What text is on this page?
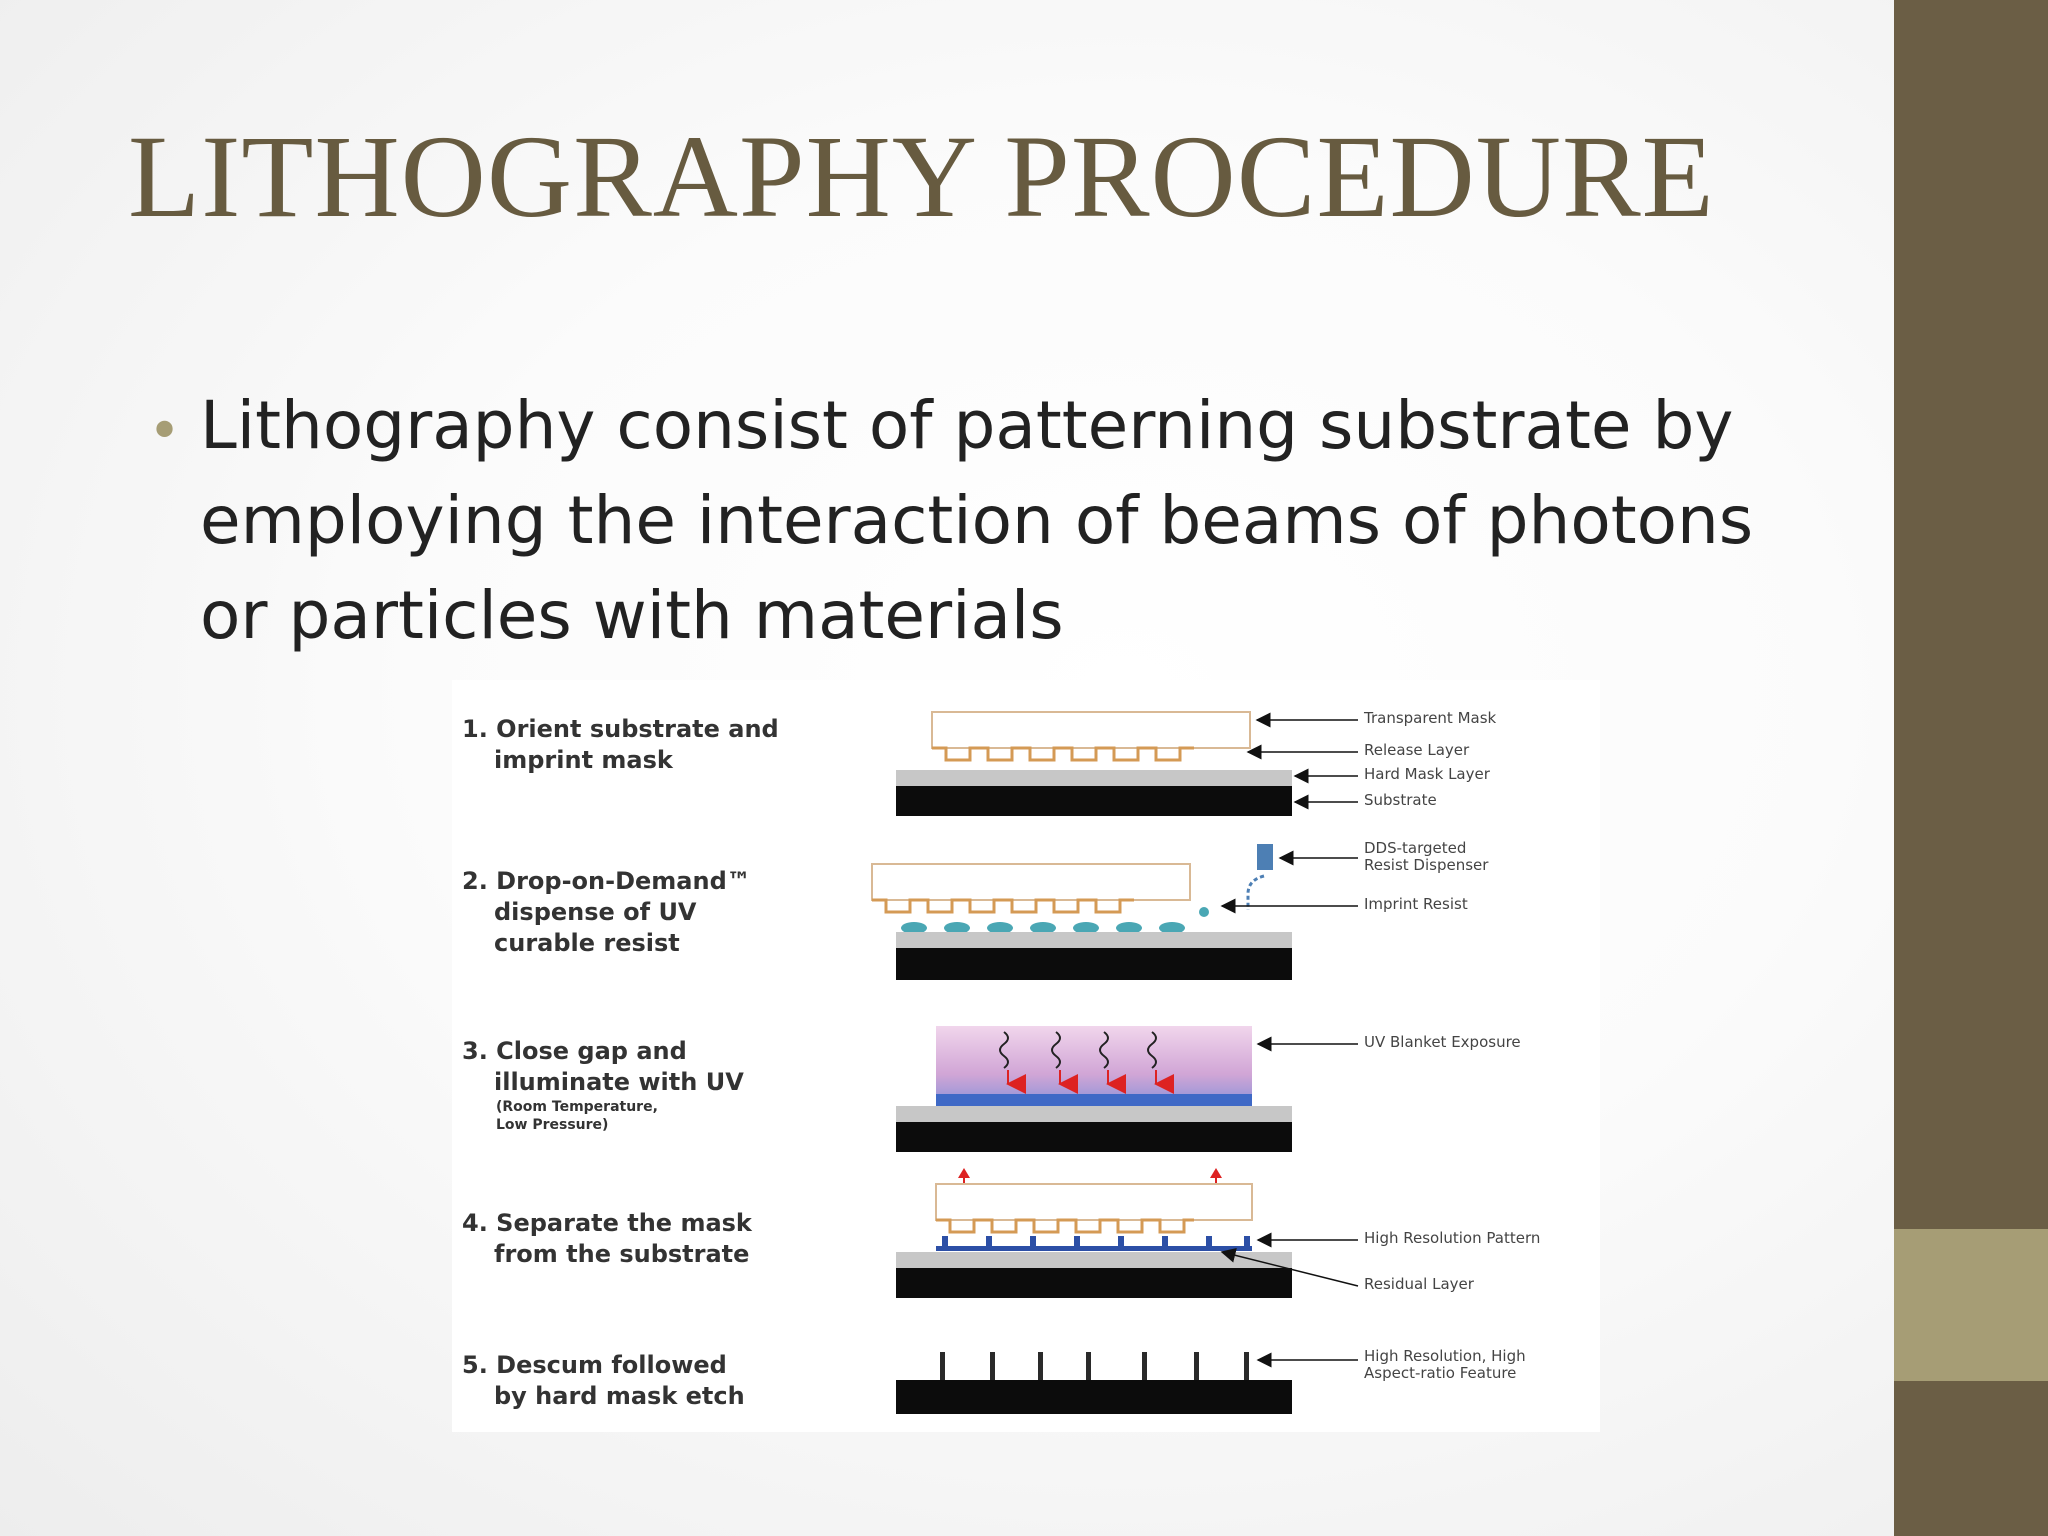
LITHOGRAPHY PROCEDURE
• Lithography consist of patterning substrate by employing the interaction of beams of photons or particles with materials

1. Orient substrate and
imprint mask
2. Drop-on-Demand™
dispense of UV
curable resist
3. Close gap and
illuminate with UV
(Room Temperature,
Low Pressure)
4. Separate the mask
from the substrate
5. Descum followed
by hard mask etch
Transparent Mask
Release Layer
Hard Mask Layer
Substrate
DDS-targeted
Resist Dispenser
Imprint Resist
UV Blanket Exposure
High Resolution Pattern
Residual Layer
High Resolution, High
Aspect-ratio Feature
